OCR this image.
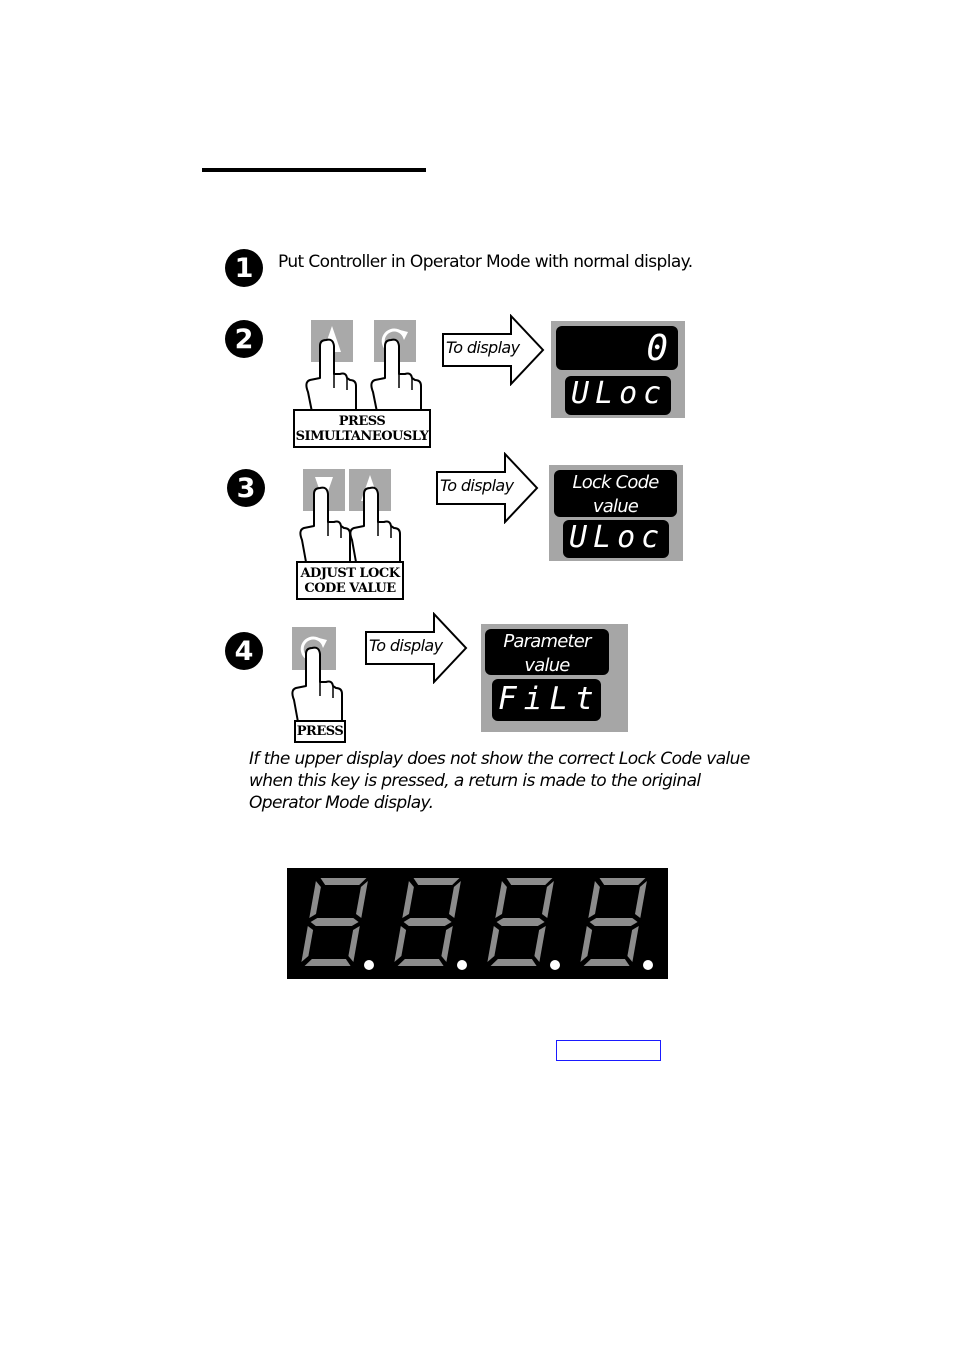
1	Put Controller in Operator Mode with normal display.
2
PRESS
SIMULTANEOUSLY
To display	0
ULoc
3
ADJUST LOCK
CODE VALUE
To display	Lock Code
value
ULoc
4
PRESS
To display	Parameter
value
FiLt
If the upper display does not show the correct Lock Code value when this key is pressed, a return is made to the original Operator Mode display.
